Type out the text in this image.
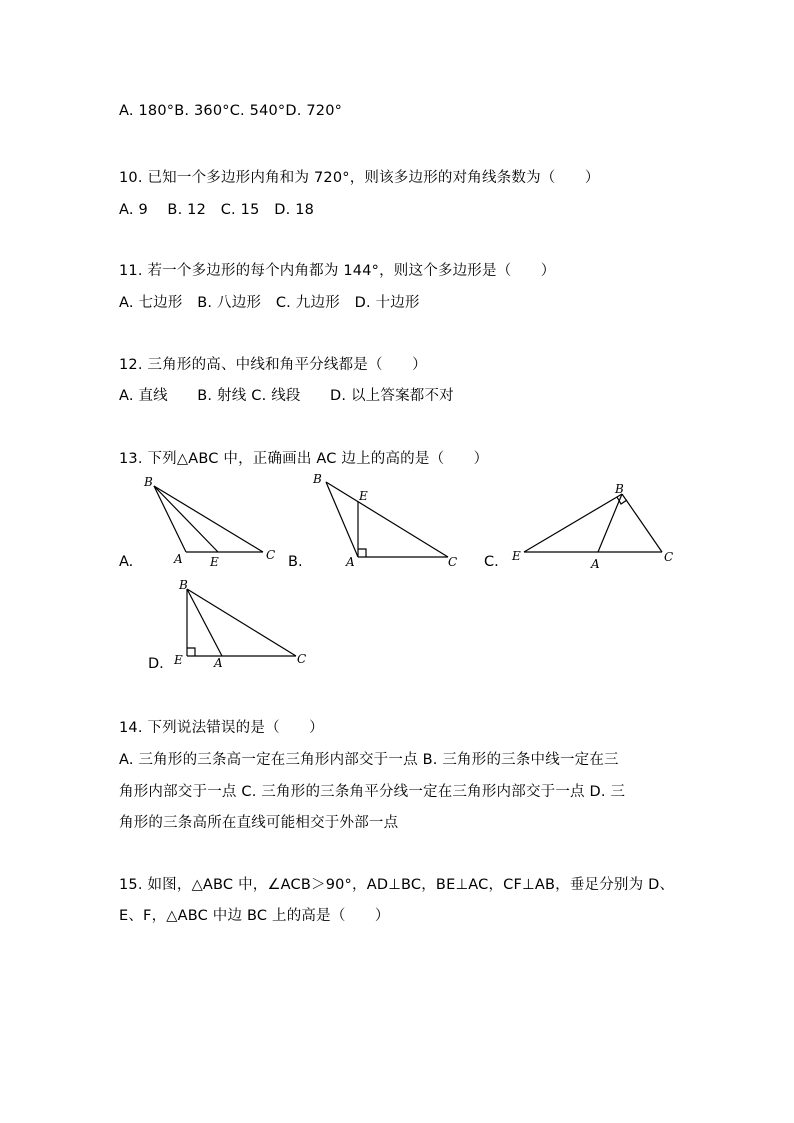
A. 180°B. 360°C. 540°D. 720°
10. 已知一个多边形内角和为 720°，则该多边形的对角线条数为（　　）
A. 9　 B. 12　C. 15　D. 18
11. 若一个多边形的每个内角都为 144°，则这个多边形是（　　）
A. 七边形　B. 八边形　C. 九边形　D. 十边形
12. 三角形的高、中线和角平分线都是（　　）
A. 直线　　B. 射线 C. 线段　　D. 以上答案都不对
13. 下列△ABC 中，正确画出 AC 边上的高的是（　　）
A.
B
A E	C
B
E
A	C
B
E
A	C
B
E	A	C
B.	C.
D.
14. 下列说法错误的是（　　）
A. 三角形的三条高一定在三角形内部交于一点 B. 三角形的三条中线一定在三
角形内部交于一点 C. 三角形的三条角平分线一定在三角形内部交于一点 D. 三
角形的三条高所在直线可能相交于外部一点
15. 如图，△ABC 中，∠ACB＞90°，AD⊥BC，BE⊥AC，CF⊥AB，垂足分别为 D、
E、F，△ABC 中边 BC 上的高是（　　）
